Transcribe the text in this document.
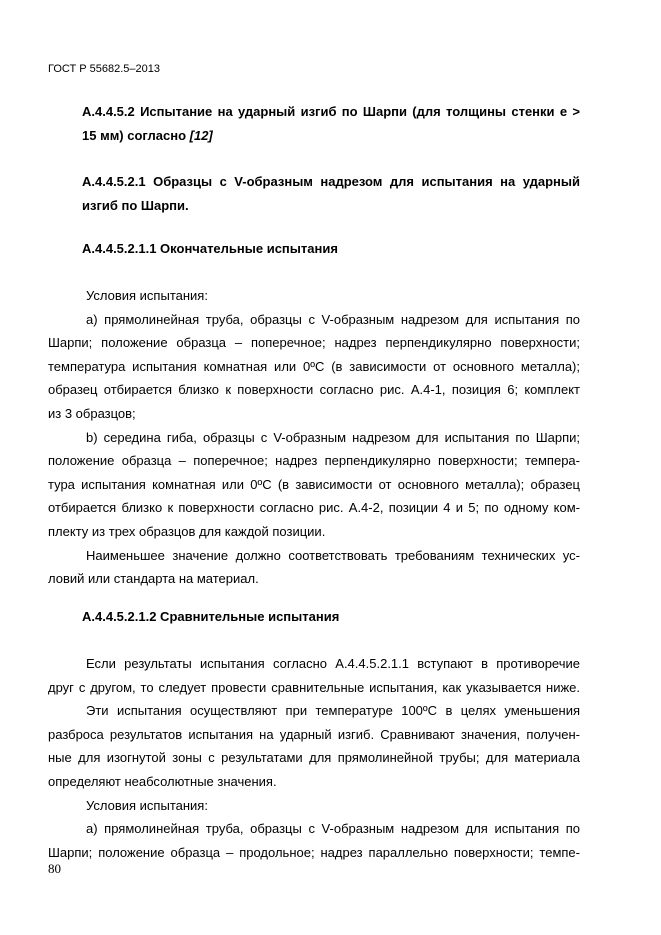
ГОСТ Р 55682.5–2013
А.4.4.5.2 Испытание на ударный изгиб по Шарпи (для толщины стенки е >
15 мм) согласно [12]
А.4.4.5.2.1 Образцы с V-образным надрезом для испытания на ударный
изгиб по Шарпи.
А.4.4.5.2.1.1 Окончательные испытания
Условия испытания:
а) прямолинейная труба, образцы с V-образным надрезом для испытания по
Шарпи; положение образца – поперечное; надрез перпендикулярно поверхности;
температура испытания комнатная или 0ºС (в зависимости от основного металла);
образец отбирается близко к поверхности согласно рис. А.4-1, позиция 6; комплект
из 3 образцов;
b) середина гиба, образцы с V-образным надрезом для испытания по Шарпи;
положение образца – поперечное; надрез перпендикулярно поверхности; темпера-
тура испытания комнатная или 0ºС (в зависимости от основного металла); образец
отбирается близко к поверхности согласно рис. А.4-2, позиции 4 и 5; по одному ком-
плекту из трех образцов для каждой позиции.
Наименьшее значение должно соответствовать требованиям технических ус-
ловий или стандарта на материал.
А.4.4.5.2.1.2 Сравнительные испытания
Если результаты испытания согласно А.4.4.5.2.1.1 вступают в противоречие
друг с другом, то следует провести сравнительные испытания, как указывается ниже.
Эти испытания осуществляют при температуре 100ºС в целях уменьшения
разброса результатов испытания на ударный изгиб. Сравнивают значения, получен-
ные для изогнутой зоны с результатами для прямолинейной трубы; для материала
определяют неабсолютные значения.
Условия испытания:
а) прямолинейная труба, образцы с V-образным надрезом для испытания по
Шарпи; положение образца – продольное; надрез параллельно поверхности; темпе-
80
